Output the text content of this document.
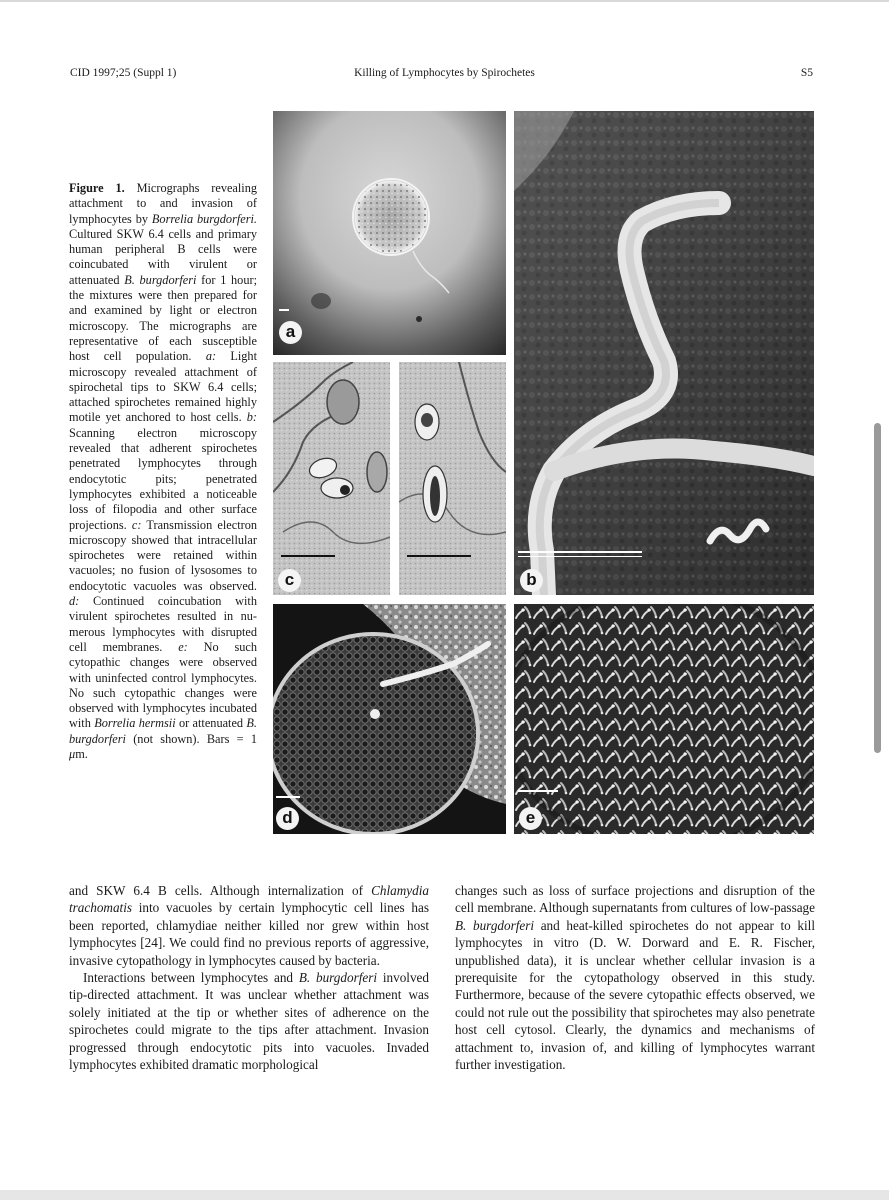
CID 1997;25 (Suppl 1)	Killing of Lymphocytes by Spirochetes	S5
Figure 1. Micrographs revealing attachment to and invasion of lymphocytes by Borrelia burgdorferi. Cultured SKW 6.4 cells and primary human peripheral B cells were coincubated with virulent or attenuated B. burgdorferi for 1 hour; the mixtures were then prepared for and examined by light or electron microscopy. The micrographs are representative of each susceptible host cell population. a: Light microscopy revealed attachment of spirochetal tips to SKW 6.4 cells; attached spirochetes remained highly motile yet anchored to host cells. b: Scanning electron microscopy revealed that adherent spirochetes penetrated lymphocytes through endocytotic pits; penetrated lymphocytes exhibited a noticeable loss of filopodia and other surface projections. c: Transmission electron microscopy showed that intracellular spirochetes were retained within vacuoles; no fusion of lysosomes to endocytotic vacuoles was observed. d: Continued coincubation with virulent spirochetes resulted in numerous lymphocytes with disrupted cell membranes. e: No such cytopathic changes were observed with uninfected control lymphocytes. No such cytopathic changes were observed with lymphocytes incubated with Borrelia hermsii or attenuated B. burgdorferi (not shown). Bars = 1 μm.
a
b
c
d	e

and SKW 6.4 B cells. Although internalization of Chlamydia trachomatis into vacuoles by certain lymphocytic cell lines has been reported, chlamydiae neither killed nor grew within host lymphocytes [24]. We could find no previous reports of aggressive, invasive cytopathology in lymphocytes caused by bacteria.

Interactions between lymphocytes and B. burgdorferi involved tip-directed attachment. It was unclear whether attachment was solely initiated at the tip or whether sites of adherence on the spirochetes could migrate to the tips after attachment. Invasion progressed through endocytotic pits into vacuoles. Invaded lymphocytes exhibited dramatic morphological

changes such as loss of surface projections and disruption of the cell membrane. Although supernatants from cultures of low-passage B. burgdorferi and heat-killed spirochetes do not appear to kill lymphocytes in vitro (D. W. Dorward and E. R. Fischer, unpublished data), it is unclear whether cellular invasion is a prerequisite for the cytopathology observed in this study. Furthermore, because of the severe cytopathic effects observed, we could not rule out the possibility that spirochetes may also penetrate host cell cytosol. Clearly, the dynamics and mechanisms of attachment to, invasion of, and killing of lymphocytes warrant further investigation.
